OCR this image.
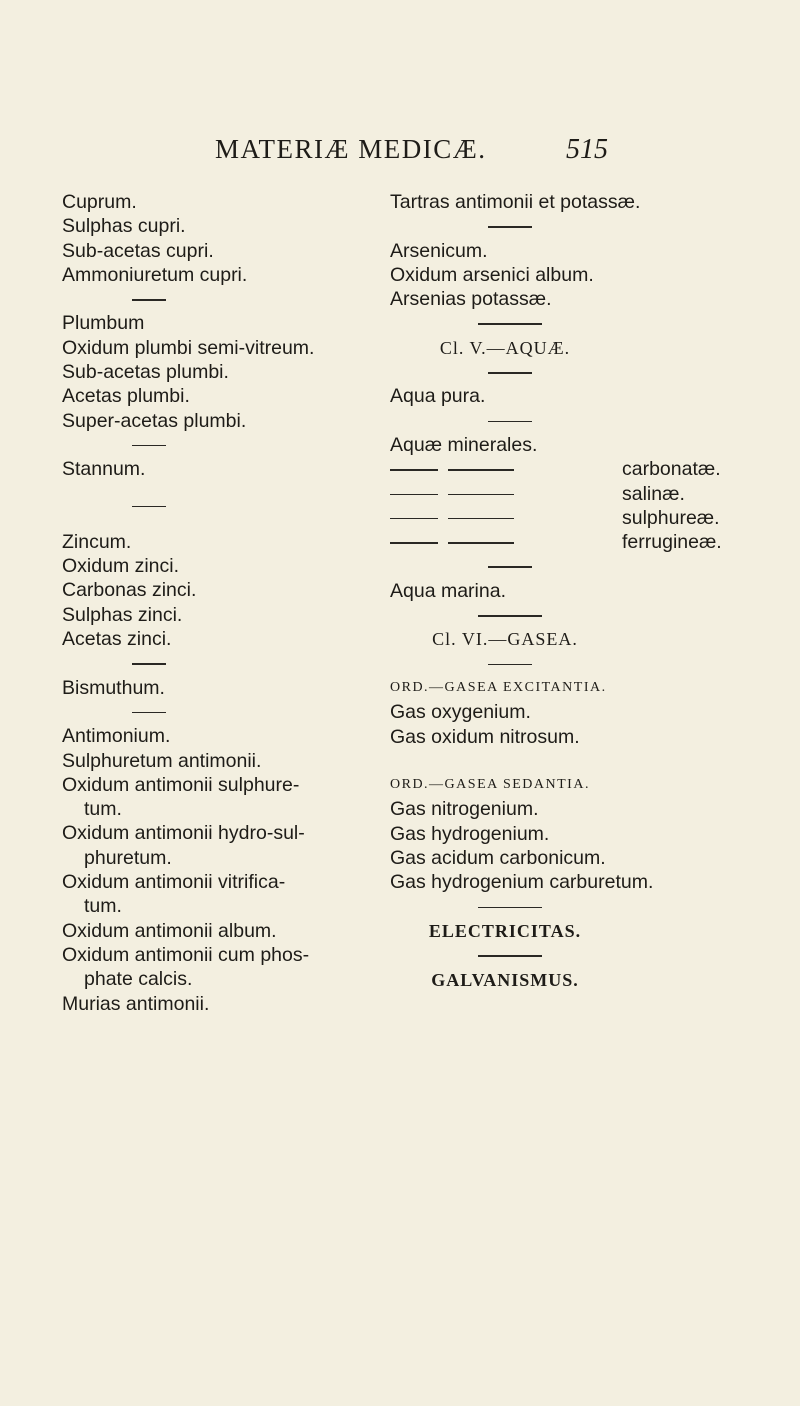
MATERIÆ MEDICÆ.	515
Cuprum.
Sulphas cupri.
Sub-acetas cupri.
Ammoniuretum cupri.
Plumbum
Oxidum plumbi semi-vitreum.
Sub-acetas plumbi.
Acetas plumbi.
Super-acetas plumbi.
Stannum.
Zincum.
Oxidum zinci.
Carbonas zinci.
Sulphas zinci.
Acetas zinci.
Bismuthum.
Antimonium.
Sulphuretum antimonii.
Oxidum antimonii sulphure-
tum.
Oxidum antimonii hydro-sul-
phuretum.
Oxidum antimonii vitrifica-
tum.
Oxidum antimonii album.
Oxidum antimonii cum phos-
phate calcis.
Murias antimonii.
Tartras antimonii et potassæ.
Arsenicum.
Oxidum arsenici album.
Arsenias potassæ.
Cl. V.—AQUÆ.
Aqua pura.
Aquæ minerales.
carbonatæ.
salinæ.
sulphureæ.
ferrugineæ.
Aqua marina.
Cl. VI.—GASEA.
ORD.—GASEA EXCITANTIA.
Gas oxygenium.
Gas oxidum nitrosum.
ORD.—GASEA SEDANTIA.
Gas nitrogenium.
Gas hydrogenium.
Gas acidum carbonicum.
Gas hydrogenium carburetum.
ELECTRICITAS.
GALVANISMUS.
